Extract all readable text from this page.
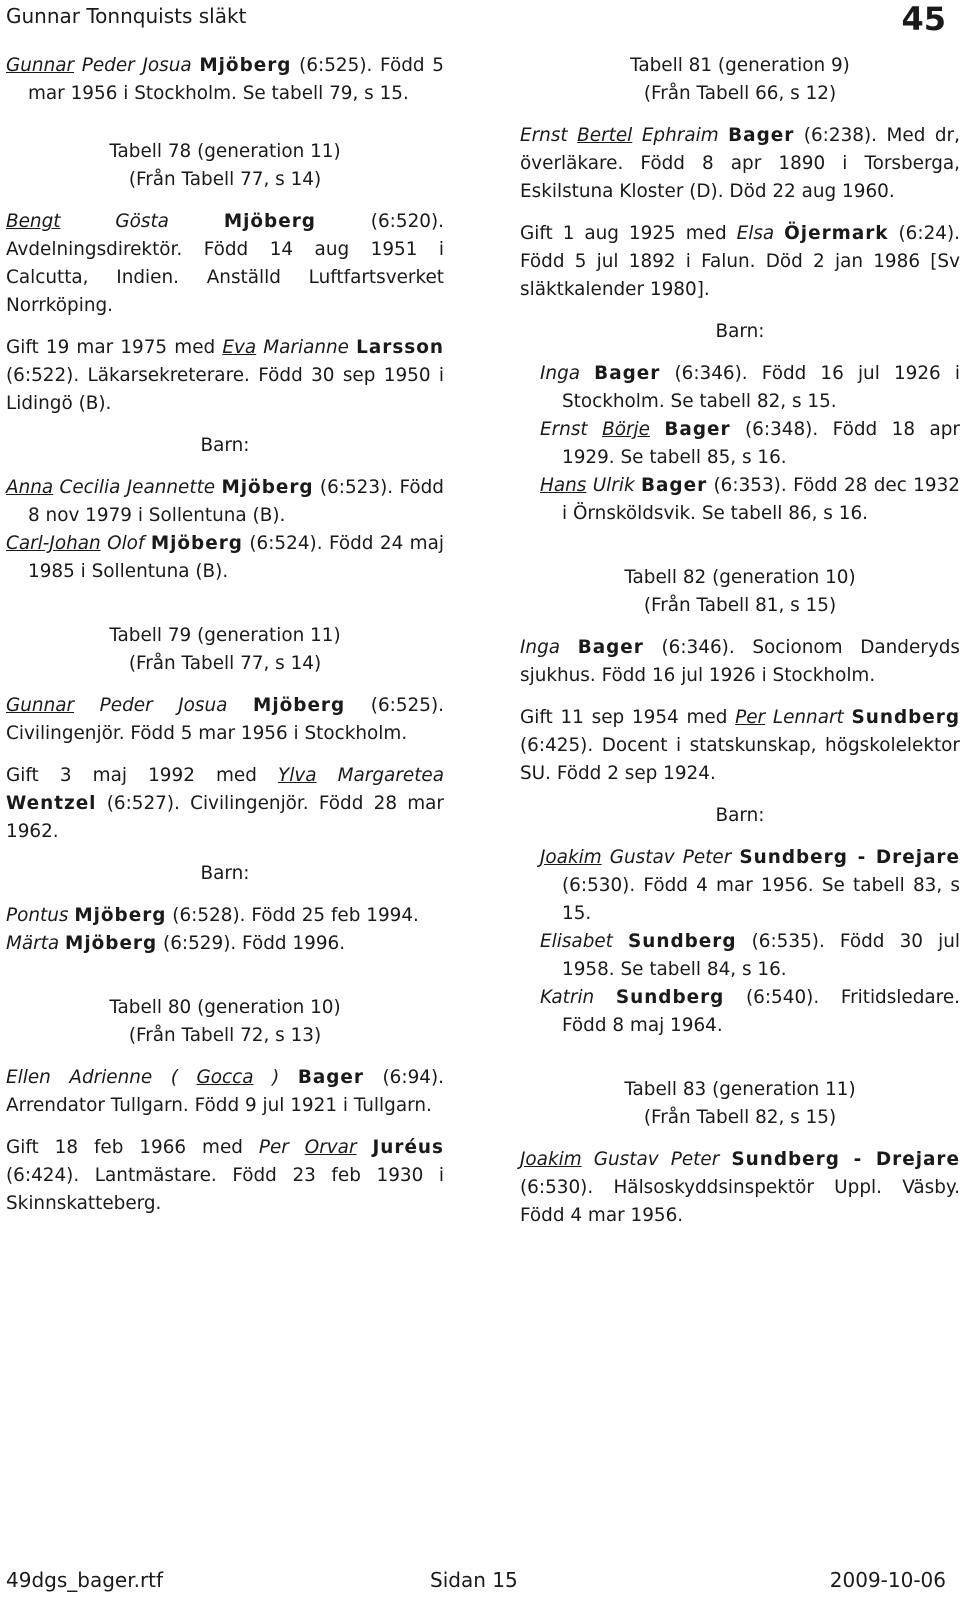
Gunnar Tonnquists släkt	45
Gunnar Peder Josua Mjöberg (6:525). Född 5 mar 1956 i Stockholm. Se tabell 79, s 15.

Tabell 78 (generation 11)

(Från Tabell 77, s 14)

Bengt	Gösta	Mjöberg (6:520). Avdelningsdirektör. Född 14 aug 1951 i Calcutta, Indien. Anställd Luftfartsverket Norrköping.
Gift 19 mar 1975 med Eva Marianne Larsson (6:522). Läkarsekreterare. Född 30 sep 1950 i Lidingö (B).

Barn:

Anna Cecilia Jeannette Mjöberg (6:523). Född 8 nov 1979 i Sollentuna (B).
Carl-Johan Olof Mjöberg (6:524). Född 24 maj 1985 i Sollentuna (B).

Tabell 79 (generation 11)

(Från Tabell 77, s 14)

Gunnar Peder Josua Mjöberg (6:525). Civilingenjör. Född 5 mar 1956 i Stockholm.
Gift 3 maj 1992 med Ylva Margaretea Wentzel (6:527). Civilingenjör. Född 28 mar 1962.

Barn:

Pontus Mjöberg (6:528). Född 25 feb 1994.
Märta Mjöberg (6:529). Född 1996.

Tabell 80 (generation 10)

(Från Tabell 72, s 13)

Ellen Adrienne ( Gocca ) Bager (6:94). Arrendator Tullgarn. Född 9 jul 1921 i Tullgarn.
Gift 18 feb 1966 med Per Orvar Juréus (6:424). Lantmästare. Född 23 feb 1930 i Skinnskatteberg.

Tabell 81 (generation 9)

(Från Tabell 66, s 12)

Ernst Bertel Ephraim Bager (6:238). Med dr, överläkare. Född 8 apr 1890 i Torsberga, Eskilstuna Kloster (D). Död 22 aug 1960.
Gift 1 aug 1925 med Elsa Öjermark (6:24). Född 5 jul 1892 i Falun. Död 2 jan 1986 [Sv släktkalender 1980].

Barn:

Inga Bager (6:346). Född 16 jul 1926 i Stockholm. Se tabell 82, s 15.
Ernst Börje Bager (6:348). Född 18 apr 1929. Se tabell 85, s 16.
Hans Ulrik Bager (6:353). Född 28 dec 1932 i Örnsköldsvik. Se tabell 86, s 16.

Tabell 82 (generation 10)

(Från Tabell 81, s 15)

Inga Bager (6:346). Socionom Danderyds sjukhus. Född 16 jul 1926 i Stockholm.
Gift 11 sep 1954 med Per Lennart Sundberg (6:425). Docent i statskunskap, högskolelektor SU. Född 2 sep 1924.

Barn:

Joakim Gustav Peter Sundberg - Drejare (6:530). Född 4 mar 1956. Se tabell 83, s 15.
Elisabet Sundberg (6:535). Född 30 jul 1958. Se tabell 84, s 16.
Katrin Sundberg (6:540). Fritidsledare. Född 8 maj 1964.

Tabell 83 (generation 11)

(Från Tabell 82, s 15)

Joakim Gustav Peter Sundberg - Drejare (6:530). Hälsoskyddsinspektör Uppl. Väsby. Född 4 mar 1956.
49dgs_bager.rtf	Sidan 15	2009-10-06
